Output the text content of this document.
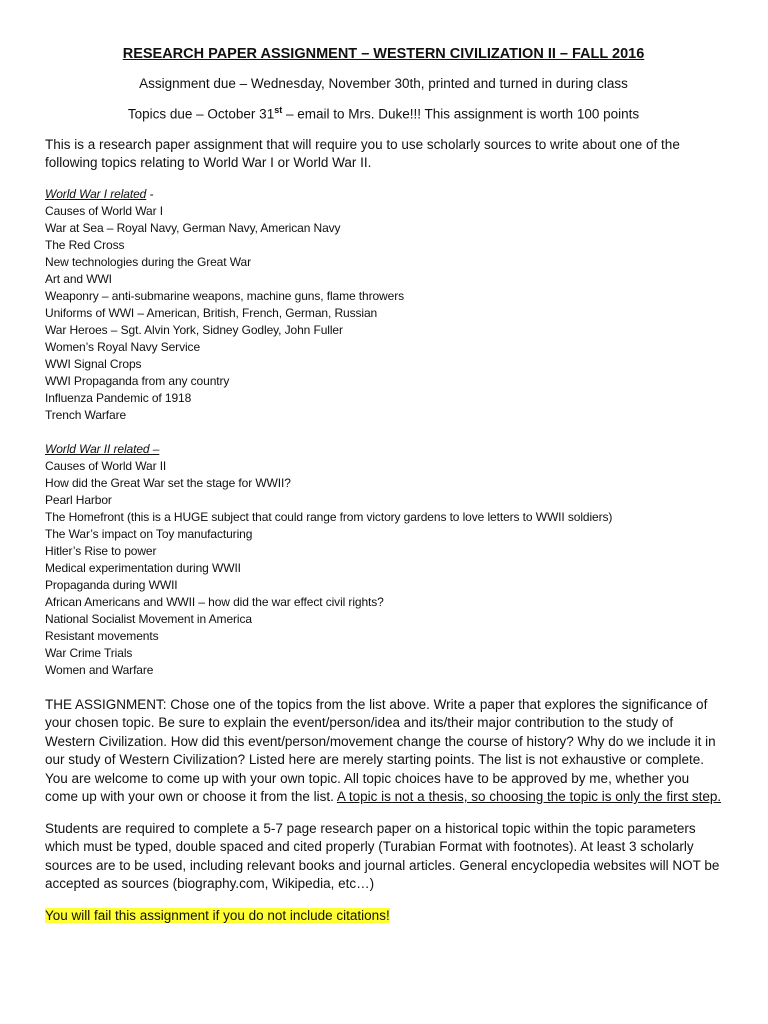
RESEARCH PAPER ASSIGNMENT – WESTERN CIVILIZATION II – FALL 2016
Assignment due – Wednesday, November 30th, printed and turned in during class
Topics due – October 31st – email to Mrs. Duke!!! This assignment is worth 100 points

This is a research paper assignment that will require you to use scholarly sources to write about one of the following topics relating to World War I or World War II.

World War I related -
Causes of World War I
War at Sea – Royal Navy, German Navy, American Navy
The Red Cross
New technologies during the Great War
Art and WWI
Weaponry – anti-submarine weapons, machine guns, flame throwers
Uniforms of WWI – American, British, French, German, Russian
War Heroes – Sgt. Alvin York, Sidney Godley, John Fuller
Women’s Royal Navy Service
WWI Signal Crops
WWI Propaganda from any country
Influenza Pandemic of 1918
Trench Warfare
World War II related –
Causes of World War II
How did the Great War set the stage for WWII?
Pearl Harbor
The Homefront (this is a HUGE subject that could range from victory gardens to love letters to WWII soldiers)
The War’s impact on Toy manufacturing
Hitler’s Rise to power
Medical experimentation during WWII
Propaganda during WWII
African Americans and WWII – how did the war effect civil rights?
National Socialist Movement in America
Resistant movements
War Crime Trials
Women and Warfare

THE ASSIGNMENT: Chose one of the topics from the list above. Write a paper that explores the significance of your chosen topic. Be sure to explain the event/person/idea and its/their major contribution to the study of Western Civilization. How did this event/person/movement change the course of history? Why do we include it in our study of Western Civilization? Listed here are merely starting points. The list is not exhaustive or complete. You are welcome to come up with your own topic. All topic choices have to be approved by me, whether you come up with your own or choose it from the list. A topic is not a thesis, so choosing the topic is only the first step.

Students are required to complete a 5-7 page research paper on a historical topic within the topic parameters which must be typed, double spaced and cited properly (Turabian Format with footnotes). At least 3 scholarly sources are to be used, including relevant books and journal articles. General encyclopedia websites will NOT be accepted as sources (biography.com, Wikipedia, etc…)

You will fail this assignment if you do not include citations!
